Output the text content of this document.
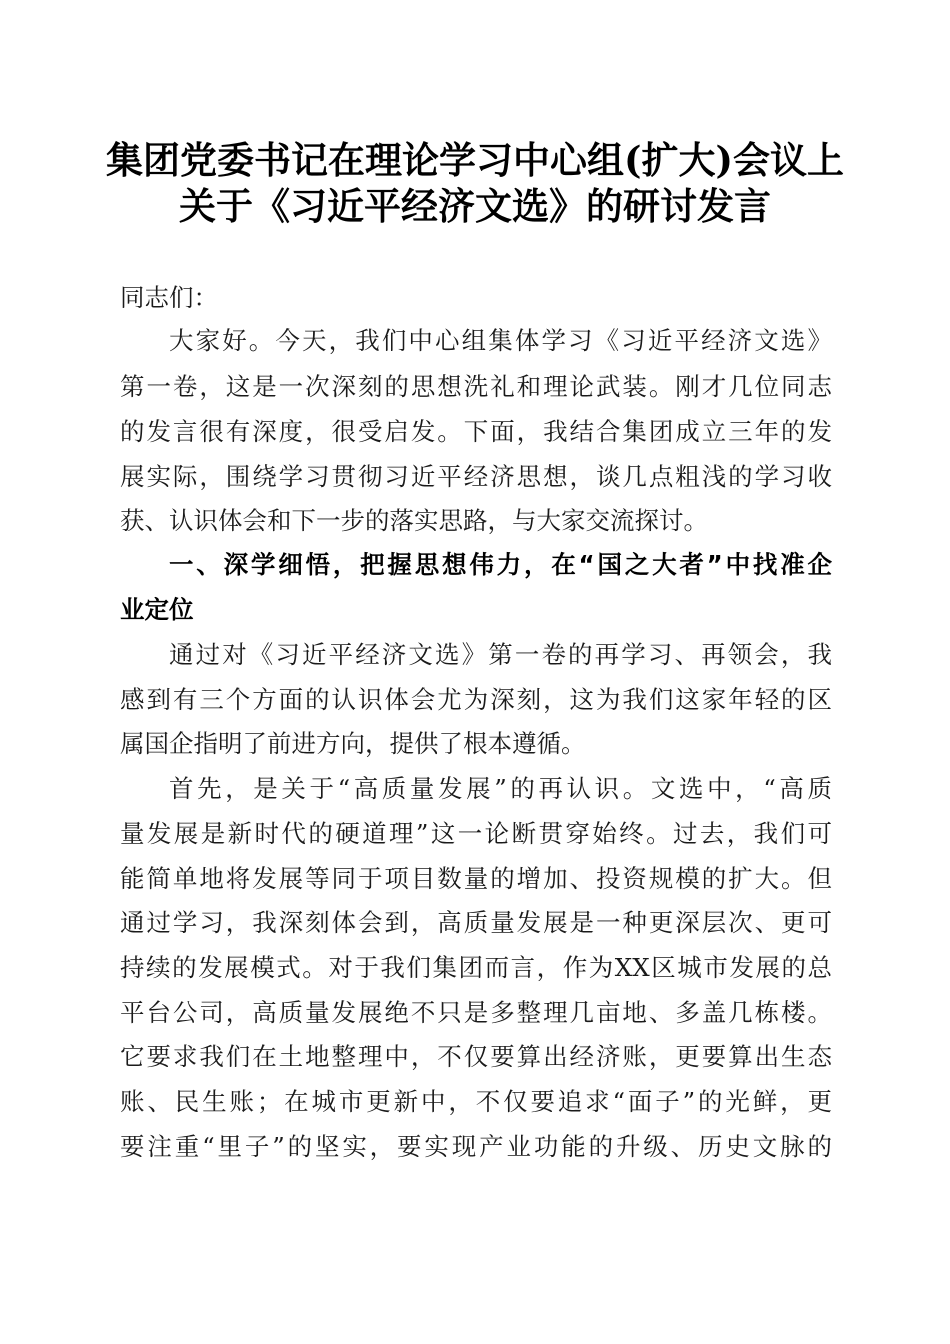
集团党委书记在理论学习中心组(扩大)会议上
关于《习近平经济文选》的研讨发言

同志们：

大家好。今天，我们中心组集体学习《习近平经济文选》

第一卷，这是一次深刻的思想洗礼和理论武装。刚才几位同志

的发言很有深度，很受启发。下面，我结合集团成立三年的发

展实际，围绕学习贯彻习近平经济思想，谈几点粗浅的学习收

获、认识体会和下一步的落实思路，与大家交流探讨。

一、深学细悟，把握思想伟力，在“国之大者”中找准企
业定位

通过对《习近平经济文选》第一卷的再学习、再领会，我

感到有三个方面的认识体会尤为深刻，这为我们这家年轻的区

属国企指明了前进方向，提供了根本遵循。

首先，是关于“高质量发展”的再认识。文选中，“高质

量发展是新时代的硬道理”这一论断贯穿始终。过去，我们可

能简单地将发展等同于项目数量的增加、投资规模的扩大。但

通过学习，我深刻体会到，高质量发展是一种更深层次、更可

持续的发展模式。对于我们集团而言，作为XX区城市发展的总

平台公司，高质量发展绝不只是多整理几亩地、多盖几栋楼。

它要求我们在土地整理中，不仅要算出经济账，更要算出生态

账、民生账；在城市更新中，不仅要追求“面子”的光鲜，更

要注重“里子”的坚实，要实现产业功能的升级、历史文脉的
